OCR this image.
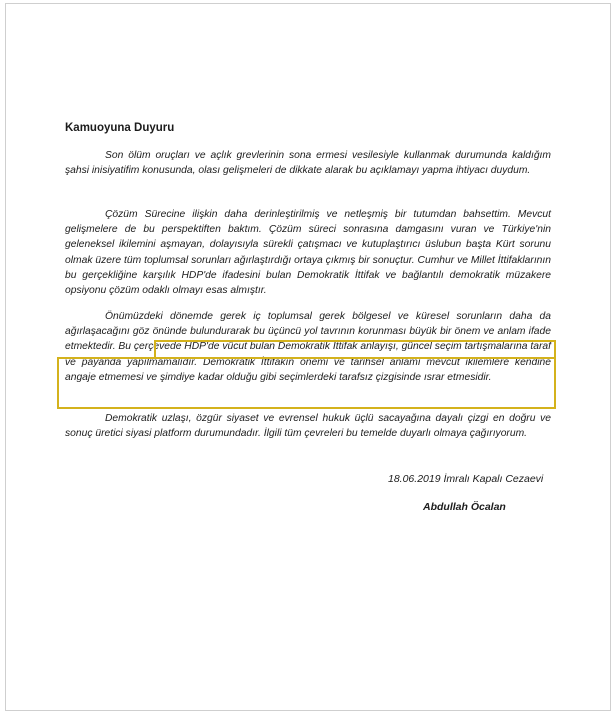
Kamuoyuna Duyuru

Son ölüm oruçları ve açlık grevlerinin sona ermesi vesilesiyle kullanmak durumunda kaldığım şahsi inisiyatifim konusunda, olası gelişmeleri de dikkate alarak bu açıklamayı yapma ihtiyacı duydum.

Çözüm Sürecine ilişkin daha derinleştirilmiş ve netleşmiş bir tutumdan bahsettim. Mevcut gelişmelere de bu perspektiften baktım. Çözüm süreci sonrasına damgasını vuran ve Türkiye'nin geleneksel ikilemini aşmayan, dolayısıyla sürekli çatışmacı ve kutuplaştırıcı üslubun başta Kürt sorunu olmak üzere tüm toplumsal sorunları ağırlaştırdığı ortaya çıkmış bir sonuçtur. Cumhur ve Millet İttifaklarının bu gerçekliğine karşılık HDP'de ifadesini bulan Demokratik İttifak ve bağlantılı demokratik müzakere opsiyonu çözüm odaklı olmayı esas almıştır.

Önümüzdeki dönemde gerek iç toplumsal gerek bölgesel ve küresel sorunların daha da ağırlaşacağını göz önünde bulundurarak bu üçüncü yol tavrının korunması büyük bir önem ve anlam ifade etmektedir. Bu çerçevede HDP'de vücut bulan Demokratik İttifak anlayışı, güncel seçim tartışmalarına taraf ve payanda yapılmamalıdır. Demokratik İttifakın önemi ve tarihsel anlamı mevcut ikilemlere kendine angaje etmemesi ve şimdiye kadar olduğu gibi seçimlerdeki tarafsız çizgisinde ısrar etmesidir.

Demokratik uzlaşı, özgür siyaset ve evrensel hukuk üçlü sacayağına dayalı çizgi en doğru ve sonuç üretici siyasi platform durumundadır. İlgili tüm çevreleri bu temelde duyarlı olmaya çağırıyorum.

18.06.2019 İmralı Kapalı Cezaevi
Abdullah Öcalan
